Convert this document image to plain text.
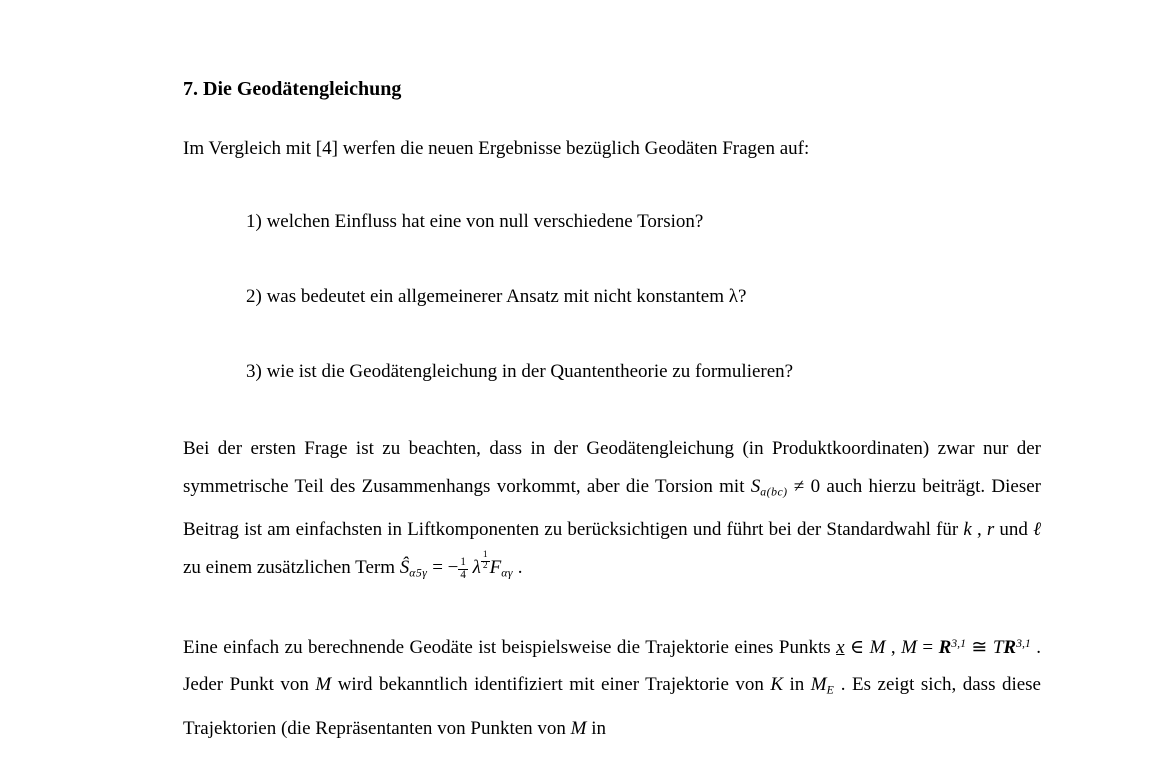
7. Die Geodätengleichung

Im Vergleich mit [4] werfen die neuen Ergebnisse bezüglich Geodäten Fragen auf:

1) welchen Einfluss hat eine von null verschiedene Torsion?

2) was bedeutet ein allgemeinerer Ansatz mit nicht konstantem λ?

3) wie ist die Geodätengleichung in der Quantentheorie zu formulieren?

Bei der ersten Frage ist zu beachten, dass in der Geodätengleichung (in Produktkoordinaten) zwar nur der symmetrische Teil des Zusammenhangs vorkommt, aber die Torsion mit Sa(bc) ≠ 0 auch hierzu beiträgt. Dieser Beitrag ist am einfachsten in Liftkomponenten zu berücksichtigen und führt bei der Standardwahl für k , r und ℓ zu einem zusätzlichen Term Ŝα5γ = − $\frac{1}{4}$ λ $\frac{1}{2}$ Fαγ .

Eine einfach zu berechnende Geodäte ist beispielsweise die Trajektorie eines Punkts x ∈ M , M = R$^{3,1}$ ≅ TR$^{3,1}$ . Jeder Punkt von M wird bekanntlich identifiziert mit einer Trajektorie von K in ME . Es zeigt sich, dass diese Trajektorien (die Repräsentanten von Punkten von M in
